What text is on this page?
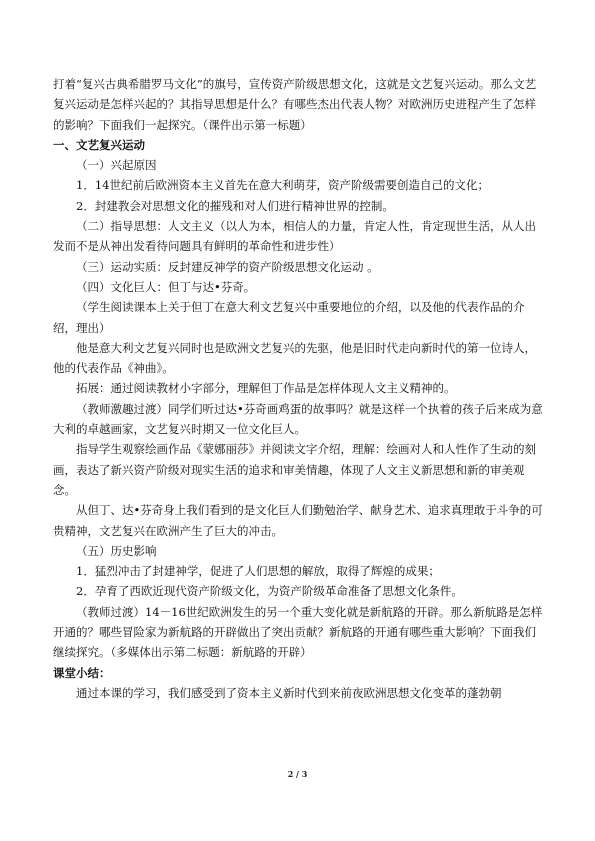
打着“复兴古典希腊罗马文化”的旗号，宣传资产阶级思想文化，这就是文艺复兴运动。那么文艺复兴运动是怎样兴起的？其指导思想是什么？有哪些杰出代表人物？对欧洲历史进程产生了怎样的影响？下面我们一起探究。（课件出示第一标题）

一、文艺复兴运动

（一）兴起原因

1．14世纪前后欧洲资本主义首先在意大利萌芽，资产阶级需要创造自己的文化；

2．封建教会对思想文化的摧残和对人们进行精神世界的控制。

（二）指导思想：人文主义（以人为本，相信人的力量，肯定人性，肯定现世生活，从人出发而不是从神出发看待问题具有鲜明的革命性和进步性）

（三）运动实质：反封建反神学的资产阶级思想文化运动 。

（四）文化巨人：但丁与达•芬奇。

（学生阅读课本上关于但丁在意大利文艺复兴中重要地位的介绍，以及他的代表作品的介绍，理出）

他是意大利文艺复兴同时也是欧洲文艺复兴的先驱，他是旧时代走向新时代的第一位诗人，他的代表作品《神曲》。

拓展：通过阅读教材小字部分，理解但丁作品是怎样体现人文主义精神的。

（教师激趣过渡）同学们听过达•芬奇画鸡蛋的故事吗？就是这样一个执着的孩子后来成为意大利的卓越画家，文艺复兴时期又一位文化巨人。

指导学生观察绘画作品《蒙娜丽莎》并阅读文字介绍，理解：绘画对人和人性作了生动的刻画，表达了新兴资产阶级对现实生活的追求和审美情趣，体现了人文主义新思想和新的审美观念。

从但丁、达•芬奇身上我们看到的是文化巨人们勤勉治学、献身艺术、追求真理敢于斗争的可贵精神，文艺复兴在欧洲产生了巨大的冲击。

（五）历史影响

1．猛烈冲击了封建神学，促进了人们思想的解放，取得了辉煌的成果；

2．孕育了西欧近现代资产阶级文化，为资产阶级革命准备了思想文化条件。

（教师过渡）14－16世纪欧洲发生的另一个重大变化就是新航路的开辟。那么新航路是怎样开通的？哪些冒险家为新航路的开辟做出了突出贡献？新航路的开通有哪些重大影响？下面我们继续探究。（多媒体出示第二标题：新航路的开辟）

课堂小结：

通过本课的学习，我们感受到了资本主义新时代到来前夜欧洲思想文化变革的蓬勃朝

2 / 3
